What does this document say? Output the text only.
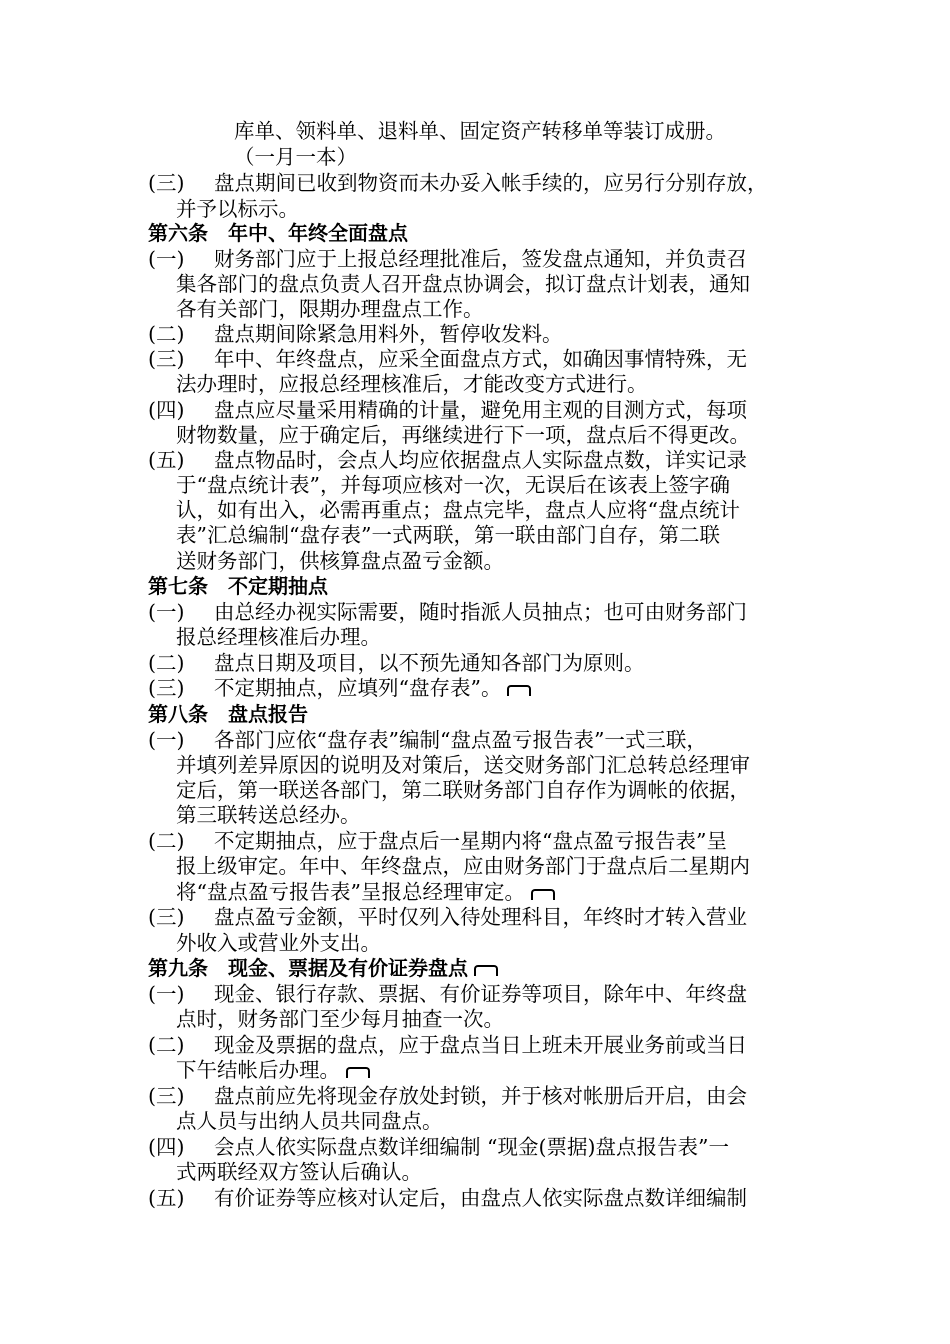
库单、领料单、退料单、固定资产转移单等装订成册。
（一月一本）
(三) 盘点期间已收到物资而未办妥入帐手续的，应另行分别存放，
并予以标示。
第六条　年中、年终全面盘点
(一) 财务部门应于上报总经理批准后，签发盘点通知，并负责召
集各部门的盘点负责人召开盘点协调会，拟订盘点计划表，通知
各有关部门，限期办理盘点工作。
(二) 盘点期间除紧急用料外，暂停收发料。
(三) 年中、年终盘点，应采全面盘点方式，如确因事情特殊，无
法办理时，应报总经理核准后，才能改变方式进行。
(四) 盘点应尽量采用精确的计量，避免用主观的目测方式，每项
财物数量，应于确定后，再继续进行下一项，盘点后不得更改。
(五) 盘点物品时，会点人均应依据盘点人实际盘点数，详实记录
于“盘点统计表”，并每项应核对一次，无误后在该表上签字确
认，如有出入，必需再重点；盘点完毕，盘点人应将“盘点统计
表”汇总编制“盘存表”一式两联，第一联由部门自存，第二联
送财务部门，供核算盘点盈亏金额。
第七条　不定期抽点
(一) 由总经办视实际需要，随时指派人员抽点；也可由财务部门
报总经理核准后办理。
(二) 盘点日期及项目，以不预先通知各部门为原则。
(三) 不定期抽点，应填列“盘存表”。
第八条　盘点报告
(一) 各部门应依“盘存表”编制“盘点盈亏报告表”一式三联，
并填列差异原因的说明及对策后，送交财务部门汇总转总经理审
定后，第一联送各部门，第二联财务部门自存作为调帐的依据，
第三联转送总经办。
(二) 不定期抽点，应于盘点后一星期内将“盘点盈亏报告表”呈
报上级审定。年中、年终盘点，应由财务部门于盘点后二星期内
将“盘点盈亏报告表”呈报总经理审定。
(三) 盘点盈亏金额，平时仅列入待处理科目，年终时才转入营业
外收入或营业外支出。
第九条　现金、票据及有价证券盘点
(一) 现金、银行存款、票据、有价证券等项目，除年中、年终盘
点时，财务部门至少每月抽查一次。
(二) 现金及票据的盘点，应于盘点当日上班未开展业务前或当日
下午结帐后办理。
(三) 盘点前应先将现金存放处封锁，并于核对帐册后开启，由会
点人员与出纳人员共同盘点。
(四) 会点人依实际盘点数详细编制 “现金(票据)盘点报告表”一
式两联经双方签认后确认。
(五) 有价证券等应核对认定后，由盘点人依实际盘点数详细编制
